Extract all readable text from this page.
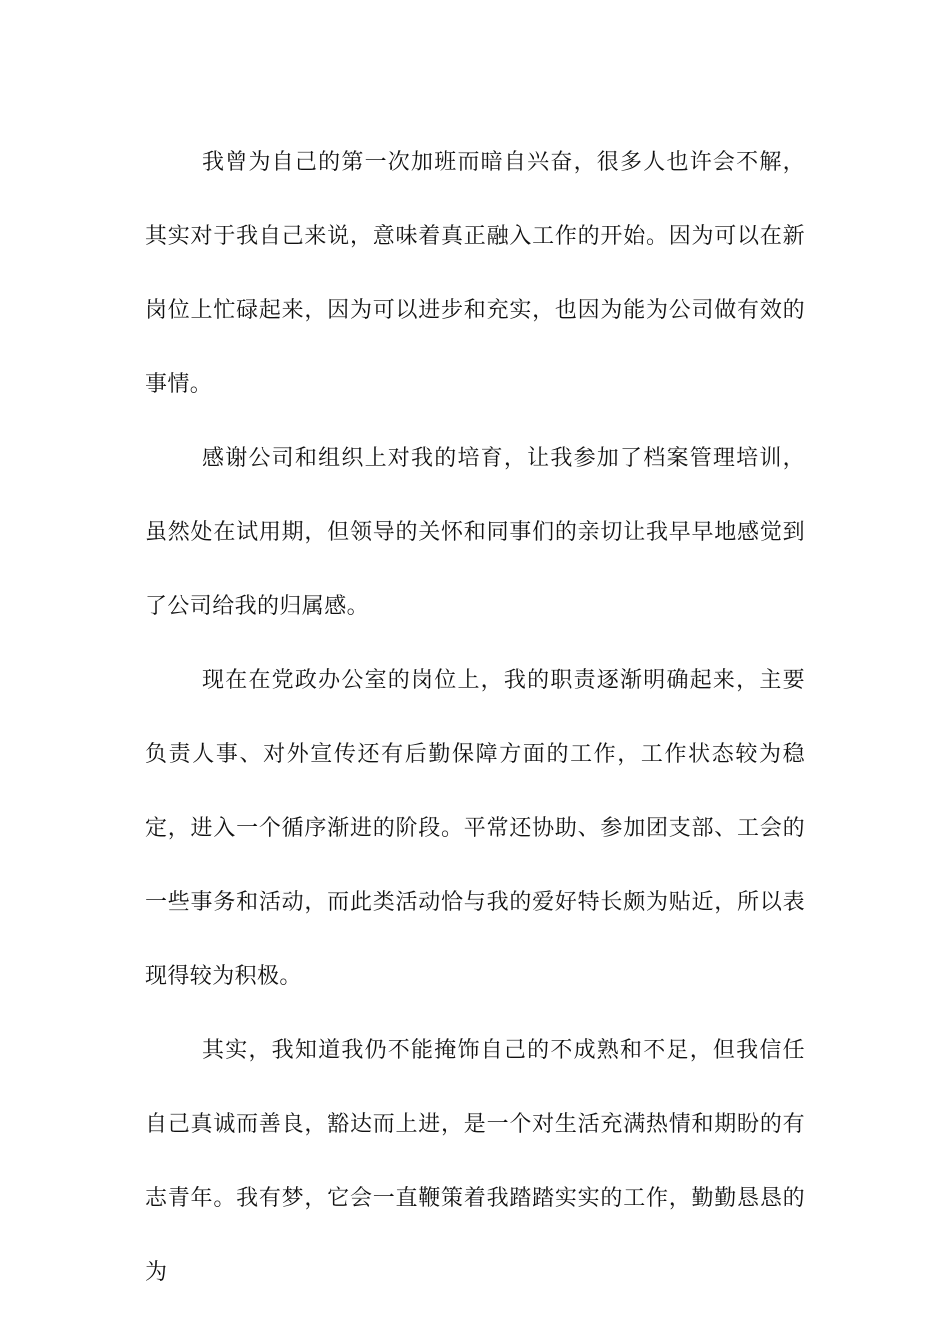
我曾为自己的第一次加班而暗自兴奋，很多人也许会不解，其实对于我自己来说，意味着真正融入工作的开始。因为可以在新岗位上忙碌起来，因为可以进步和充实，也因为能为公司做有效的事情。

感谢公司和组织上对我的培育，让我参加了档案管理培训，虽然处在试用期，但领导的关怀和同事们的亲切让我早早地感觉到了公司给我的归属感。

现在在党政办公室的岗位上，我的职责逐渐明确起来，主要负责人事、对外宣传还有后勤保障方面的工作，工作状态较为稳定，进入一个循序渐进的阶段。平常还协助、参加团支部、工会的一些事务和活动，而此类活动恰与我的爱好特长颇为贴近，所以表现得较为积极。

其实，我知道我仍不能掩饰自己的不成熟和不足，但我信任自己真诚而善良，豁达而上进，是一个对生活充满热情和期盼的有志青年。我有梦，它会一直鞭策着我踏踏实实的工作，勤勤恳恳的为
